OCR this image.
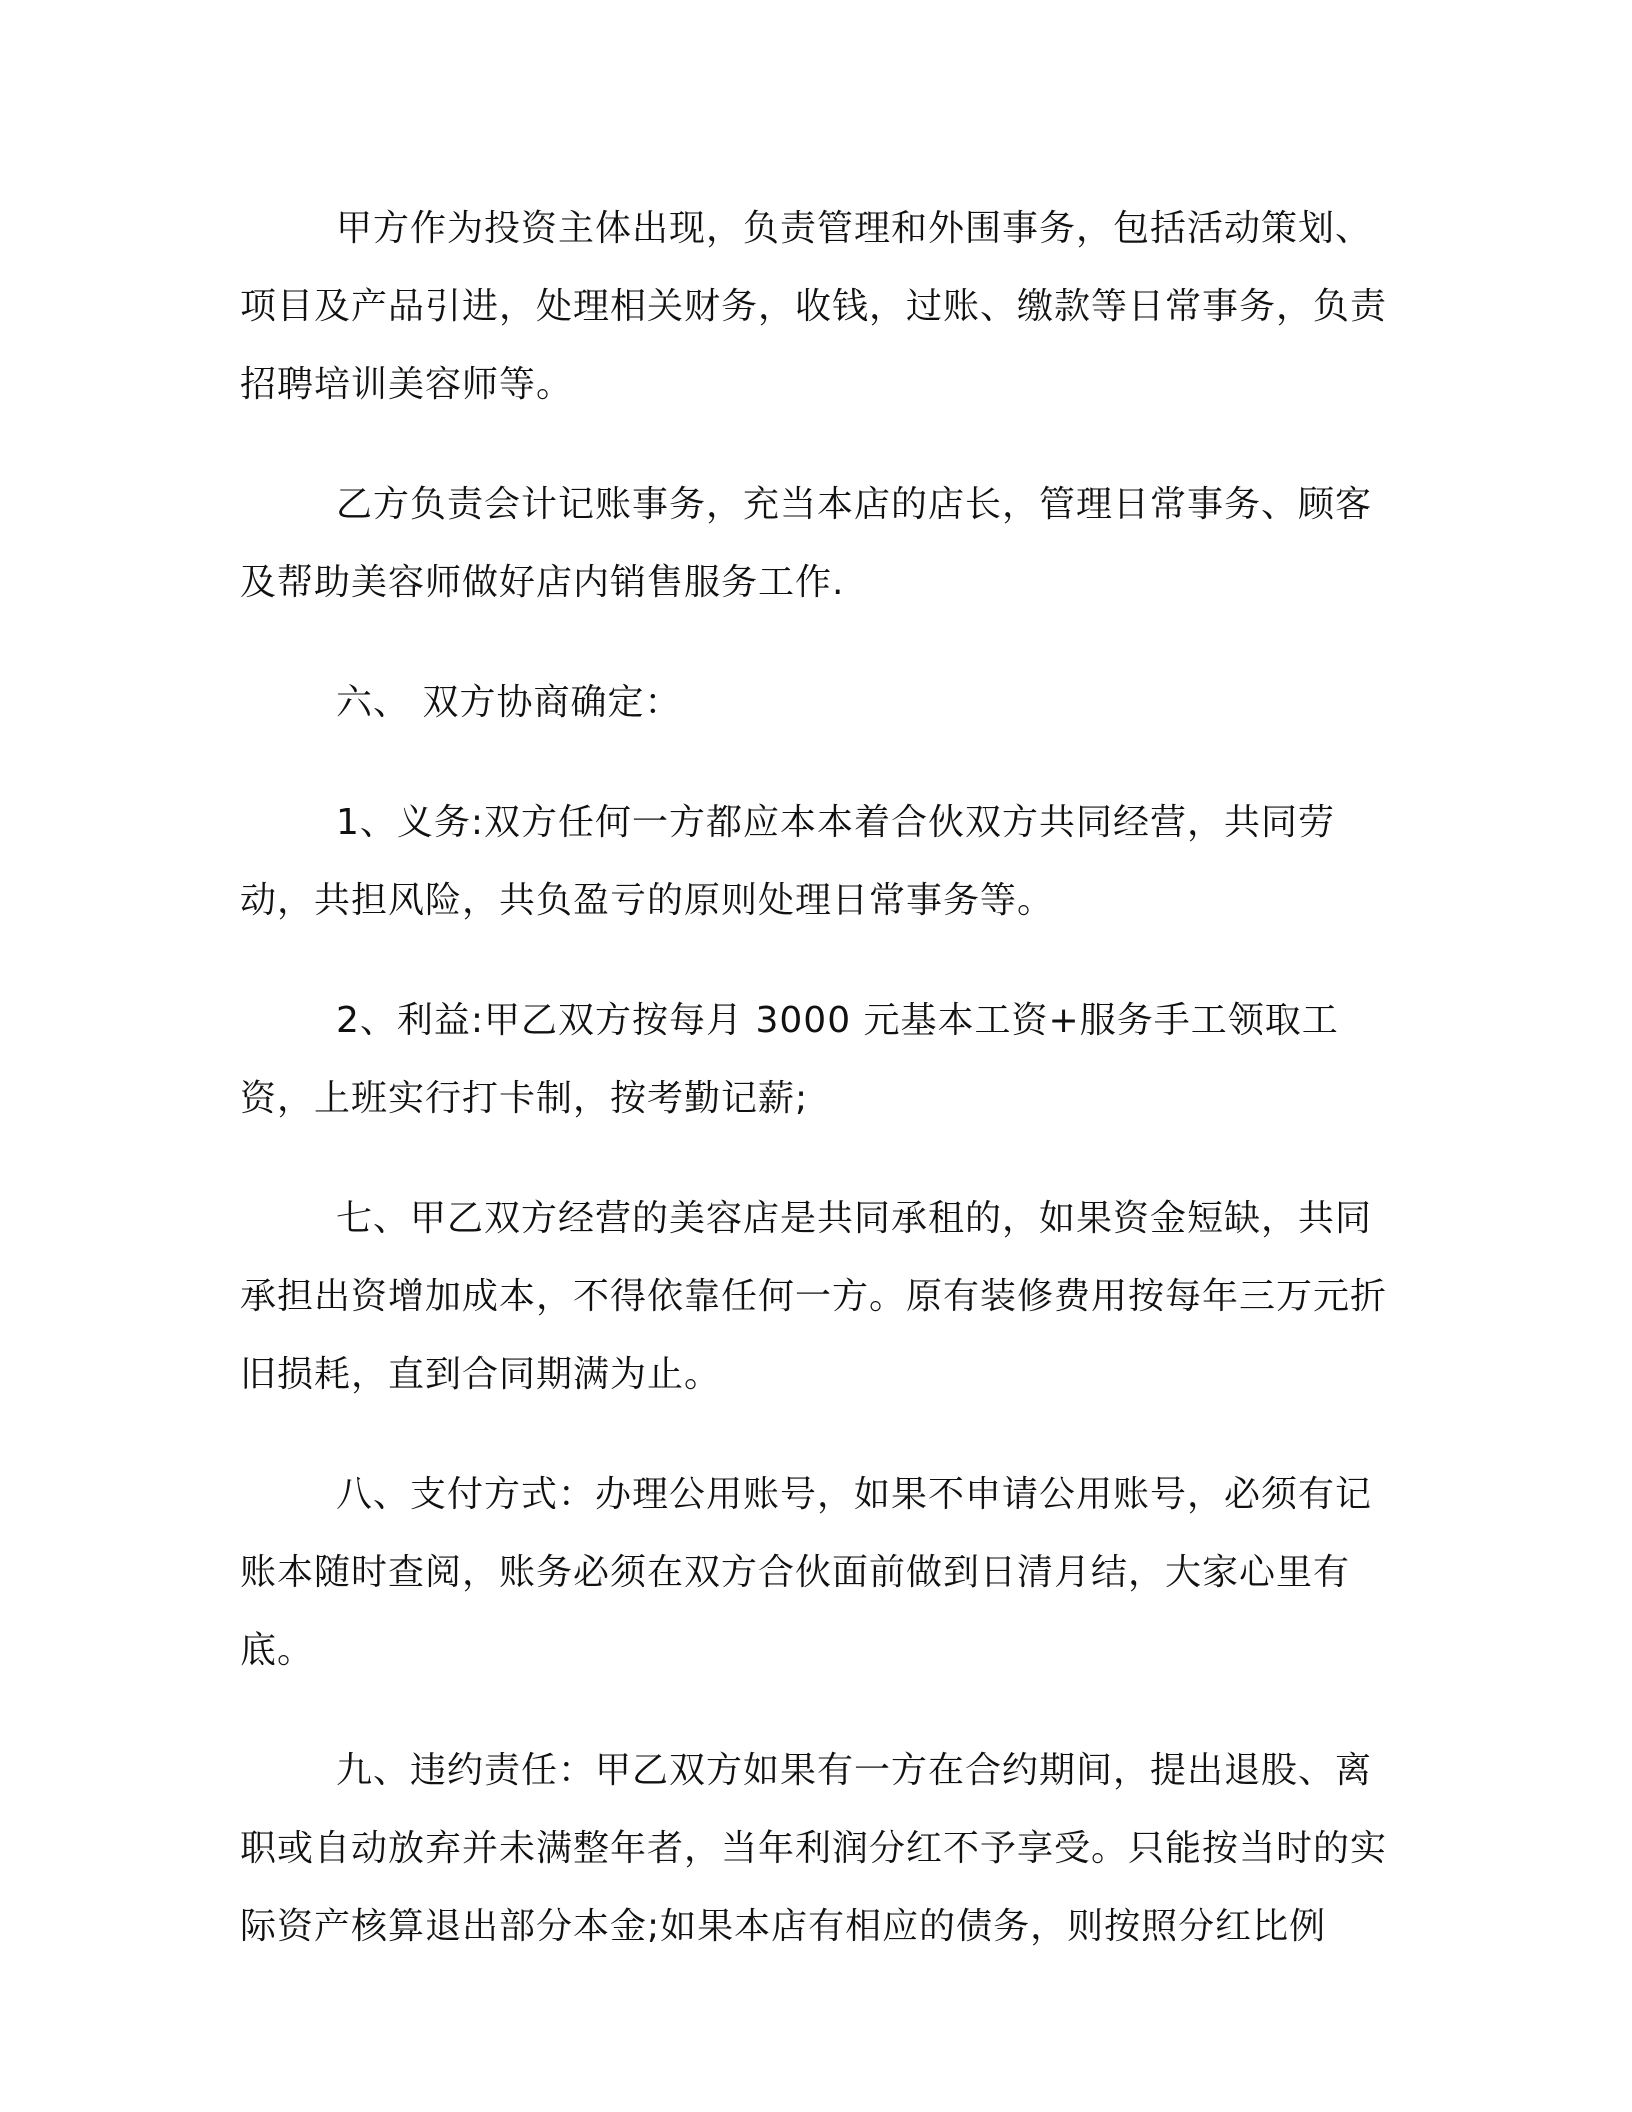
甲方作为投资主体出现，负责管理和外围事务，包括活动策划、项目及产品引进，处理相关财务，收钱，过账、缴款等日常事务，负责招聘培训美容师等。

乙方负责会计记账事务，充当本店的店长，管理日常事务、顾客及帮助美容师做好店内销售服务工作.

六、 双方协商确定：

1、义务:双方任何一方都应本本着合伙双方共同经营，共同劳动，共担风险，共负盈亏的原则处理日常事务等。

2、利益:甲乙双方按每月 3000 元基本工资+服务手工领取工资，上班实行打卡制，按考勤记薪;

七、甲乙双方经营的美容店是共同承租的，如果资金短缺，共同承担出资增加成本，不得依靠任何一方。原有装修费用按每年三万元折旧损耗，直到合同期满为止。

八、支付方式：办理公用账号，如果不申请公用账号，必须有记账本随时查阅，账务必须在双方合伙面前做到日清月结，大家心里有底。

九、违约责任：甲乙双方如果有一方在合约期间，提出退股、离职或自动放弃并未满整年者，当年利润分红不予享受。只能按当时的实际资产核算退出部分本金;如果本店有相应的债务，则按照分红比例
